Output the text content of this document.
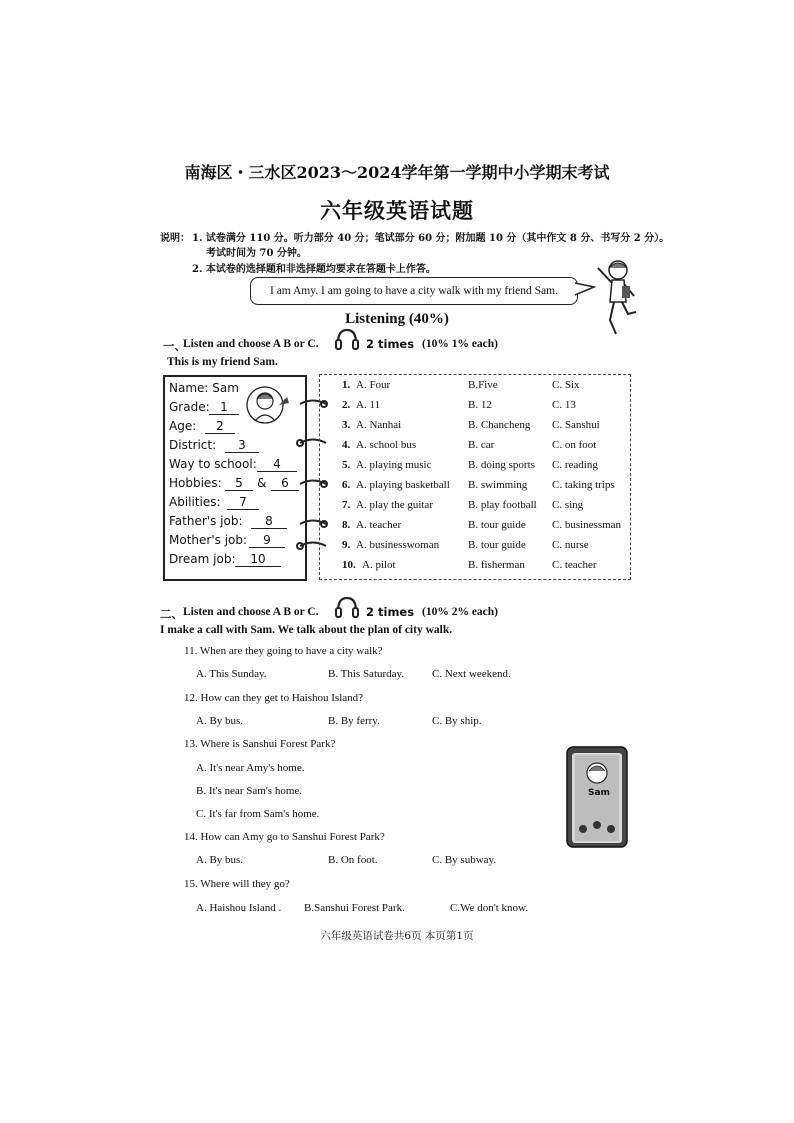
南海区・三水区2023～2024学年第一学期中小学期末考试
六年级英语试题
说明： 1. 试卷满分 110 分。听力部分 40 分；笔试部分 60 分；附加题 10 分（其中作文 8 分、书写分 2 分）。
考试时间为 70 分钟。
2. 本试卷的选择题和非选择题均要求在答题卡上作答。
I am Amy. I am going to have a city walk with my friend Sam.
Listening (40%)
一、
Listen and choose A B or C.	2 times (10% 1% each)
This is my friend Sam.
Name: Sam
Grade: 1
Age:	2
District:	3
Way to school:	4
Hobbies:	5	&	6
Abilities:	7
Father's job:	8
Mother's job:	9
Dream job:	10
1. A. Four	B.Five	C. Six
2. A. 11	B. 12	C. 13
3. A. Nanhai	B. Chancheng C. Sanshui
4. A. school bus	B. car	C. on foot
5. A. playing music	B. doing sports C. reading
6. A. playing basketball B. swimming C. taking trips
7. A. play the guitar	B. play football C. sing
8. A. teacher	B. tour guide C. businessman
9. A. businesswoman	B. tour guide C. nurse
10. A. pilot	B. fisherman C. teacher
二、 Listen and choose A B or C.	2 times (10% 2% each)
I make a call with Sam. We talk about the plan of city walk.
11. When are they going to have a city walk?
A. This Sunday.	B. This Saturday.	C. Next weekend.
12. How can they get to Haishou Island?
A. By bus.	B. By ferry.	C. By ship.
13. Where is Sanshui Forest Park?
A. It's near Amy's home.
B. It's near Sam's home.
C. It's far from Sam's home.
14. How can Amy go to Sanshui Forest Park?
A. By bus.	B. On foot.	C. By subway.
15. Where will they go?
A. Haishou Island . B.Sanshui Forest Park.	C.We don't know.
Sam
六年级英语试卷共6页 本页第1页
